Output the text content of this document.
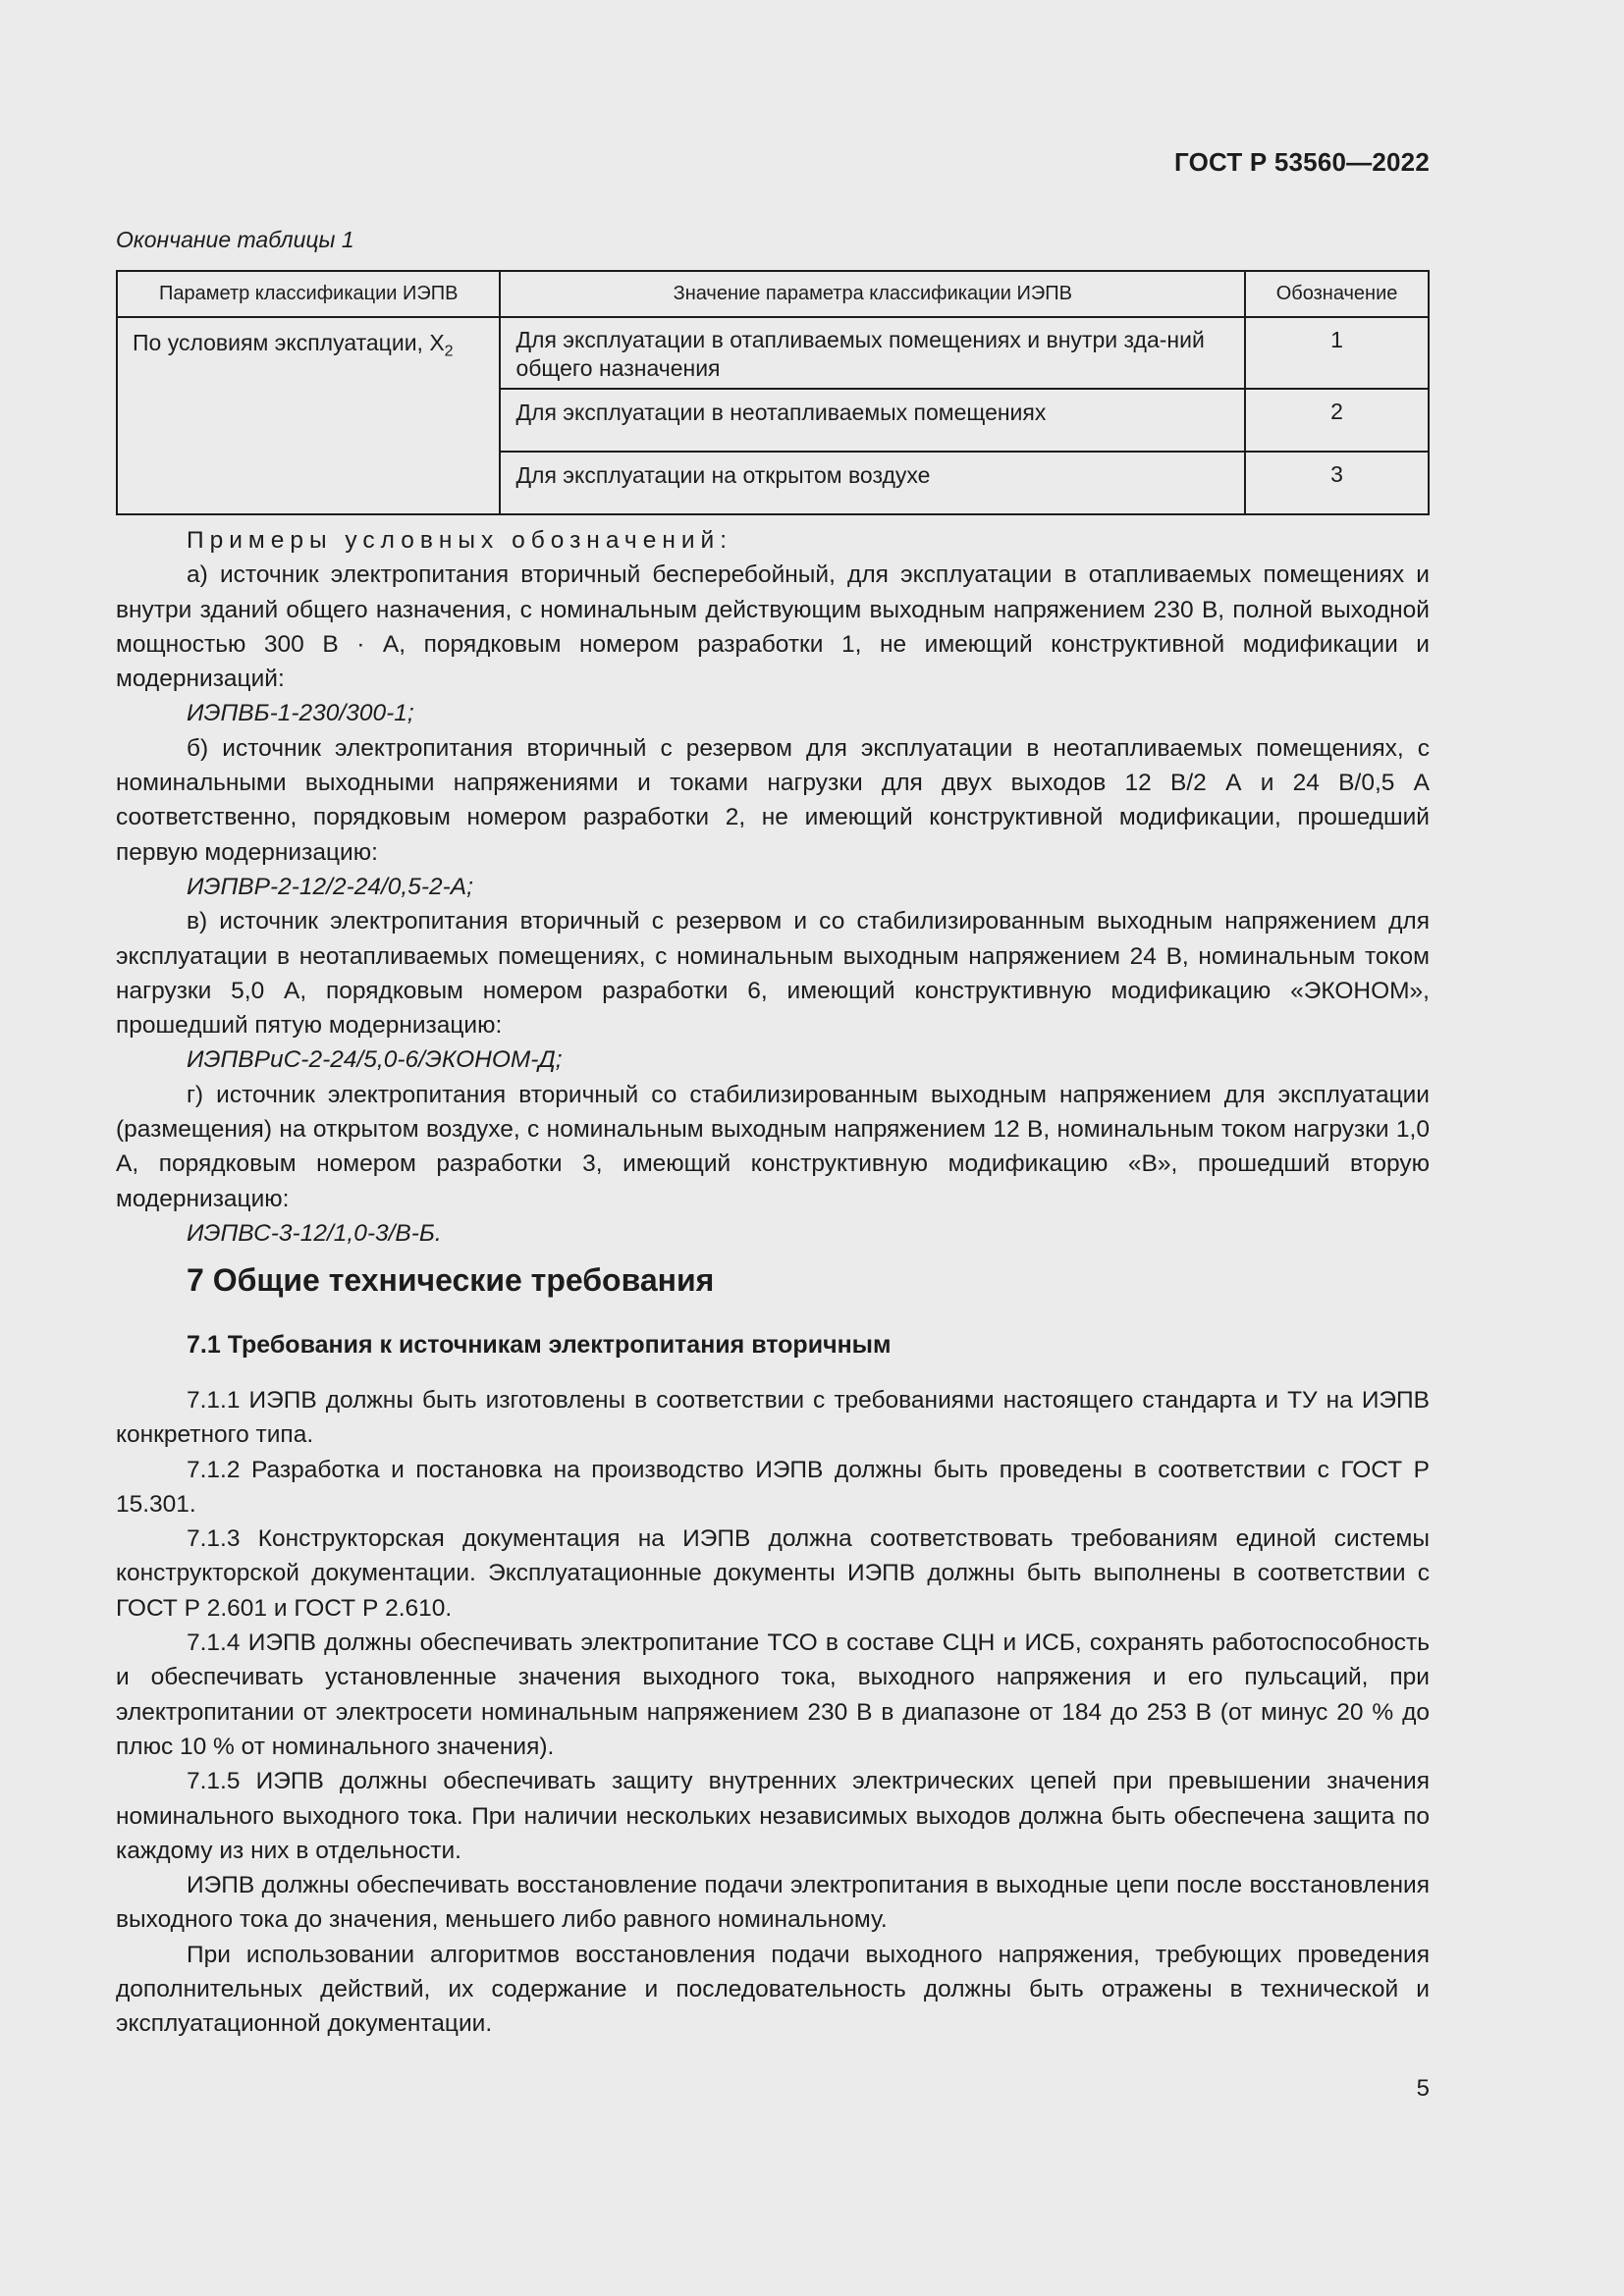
ГОСТ Р 53560—2022
Окончание таблицы 1
Параметр классификации ИЭПВ	Значение параметра классификации ИЭПВ	Обозначение
По условиям эксплуатации, $X_2$	Для эксплуатации в отапливаемых помещениях и внутри зда-ний общего назначения	1
	Для эксплуатации в неотапливаемых помещениях	2
	Для эксплуатации на открытом воздухе	3

Примеры условных обозначений:

а) источник электропитания вторичный бесперебойный, для эксплуатации в отапливаемых помещениях и внутри зданий общего назначения, с номинальным действующим выходным напряжением 230 В, полной выходной мощностью 300 В · А, порядковым номером разработки 1, не имеющий конструктивной модификации и модернизаций:

ИЭПВБ-1-230/300-1;

б) источник электропитания вторичный с резервом для эксплуатации в неотапливаемых помещениях, с номинальными выходными напряжениями и токами нагрузки для двух выходов 12 В/2 А и 24 В/0,5 А соответственно, порядковым номером разработки 2, не имеющий конструктивной модификации, прошедший первую модернизацию:

ИЭПВР-2-12/2-24/0,5-2-А;

в) источник электропитания вторичный с резервом и со стабилизированным выходным напряжением для эксплуатации в неотапливаемых помещениях, с номинальным выходным напряжением 24 В, номинальным током нагрузки 5,0 А, порядковым номером разработки 6, имеющий конструктивную модификацию «ЭКОНОМ», прошедший пятую модернизацию:

ИЭПВРиС-2-24/5,0-6/ЭКОНОМ-Д;

г) источник электропитания вторичный со стабилизированным выходным напряжением для эксплуатации (размещения) на открытом воздухе, с номинальным выходным напряжением 12 В, номинальным током нагрузки 1,0 А, порядковым номером разработки 3, имеющий конструктивную модификацию «В», прошедший вторую модернизацию:

ИЭПВС-3-12/1,0-3/В-Б.

7 Общие технические требования
7.1 Требования к источникам электропитания вторичным

7.1.1 ИЭПВ должны быть изготовлены в соответствии с требованиями настоящего стандарта и ТУ на ИЭПВ конкретного типа.

7.1.2 Разработка и постановка на производство ИЭПВ должны быть проведены в соответствии с ГОСТ Р 15.301.

7.1.3 Конструкторская документация на ИЭПВ должна соответствовать требованиям единой системы конструкторской документации. Эксплуатационные документы ИЭПВ должны быть выполнены в соответствии с ГОСТ Р 2.601 и ГОСТ Р 2.610.

7.1.4 ИЭПВ должны обеспечивать электропитание ТСО в составе СЦН и ИСБ, сохранять работоспособность и обеспечивать установленные значения выходного тока, выходного напряжения и его пульсаций, при электропитании от электросети номинальным напряжением 230 В в диапазоне от 184 до 253 В (от минус 20 % до плюс 10 % от номинального значения).

7.1.5 ИЭПВ должны обеспечивать защиту внутренних электрических цепей при превышении значения номинального выходного тока. При наличии нескольких независимых выходов должна быть обеспечена защита по каждому из них в отдельности.

ИЭПВ должны обеспечивать восстановление подачи электропитания в выходные цепи после восстановления выходного тока до значения, меньшего либо равного номинальному.

При использовании алгоритмов восстановления подачи выходного напряжения, требующих проведения дополнительных действий, их содержание и последовательность должны быть отражены в технической и эксплуатационной документации.

5
